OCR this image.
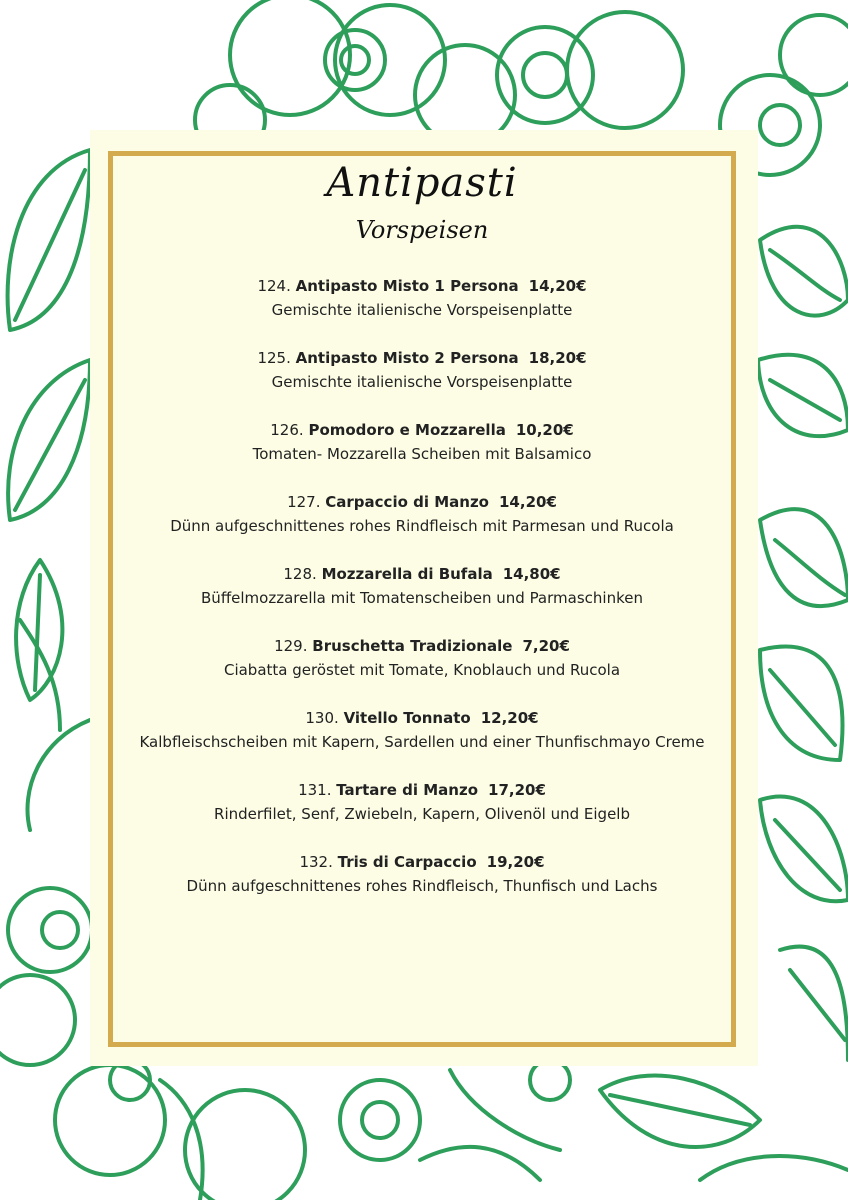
Antipasti
Vorspeisen
124. Antipasto Misto 1 Persona 14,20€
Gemischte italienische Vorspeisenplatte
125. Antipasto Misto 2 Persona 18,20€
Gemischte italienische Vorspeisenplatte
126. Pomodoro e Mozzarella 10,20€
Tomaten- Mozzarella Scheiben mit Balsamico
127. Carpaccio di Manzo 14,20€
Dünn aufgeschnittenes rohes Rindfleisch mit Parmesan und Rucola
128. Mozzarella di Bufala 14,80€
Büffelmozzarella mit Tomatenscheiben und Parmaschinken
129. Bruschetta Tradizionale 7,20€
Ciabatta geröstet mit Tomate, Knoblauch und Rucola
130. Vitello Tonnato 12,20€
Kalbfleischscheiben mit Kapern, Sardellen und einer Thunfischmayo Creme
131. Tartare di Manzo 17,20€
Rinderfilet, Senf, Zwiebeln, Kapern, Olivenöl und Eigelb
132. Tris di Carpaccio 19,20€
Dünn aufgeschnittenes rohes Rindfleisch, Thunfisch und Lachs
